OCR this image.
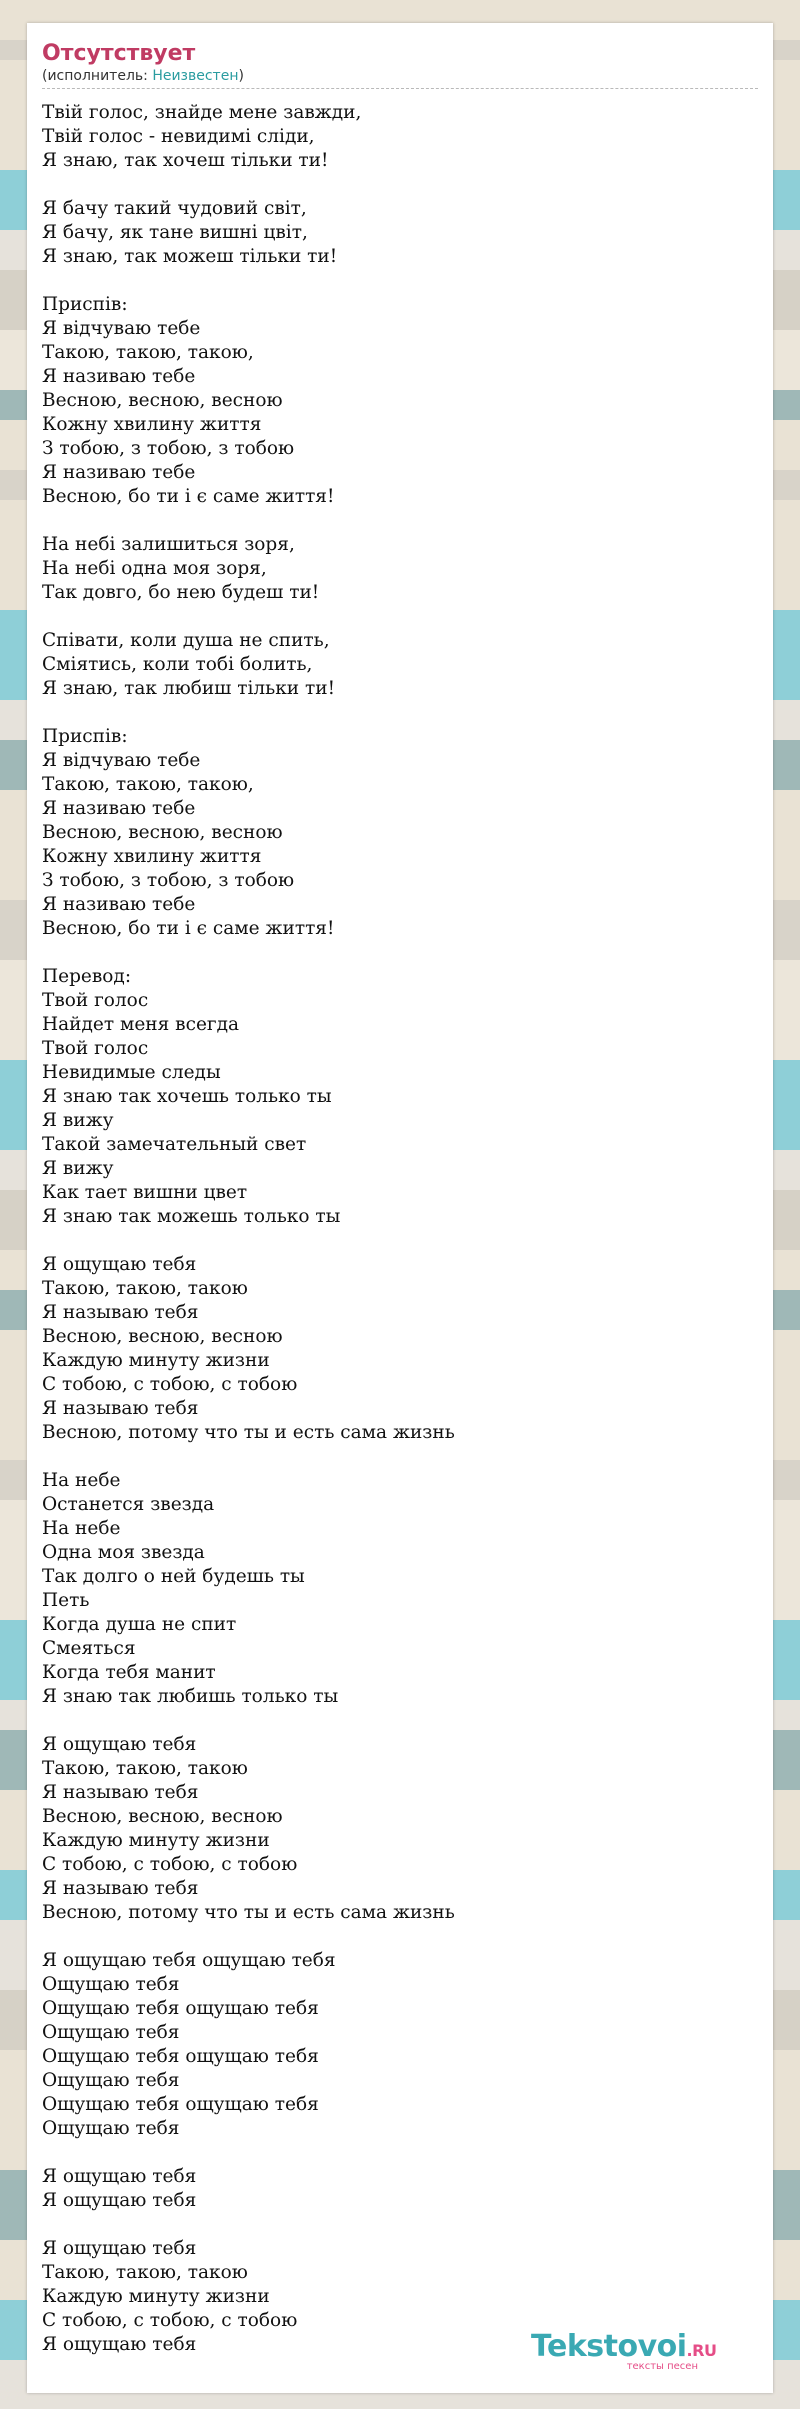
Отсутствует
(исполнитель: Неизвестен)
Твій голос, знайде мене завжди,
Твій голос - невидимі сліди,
Я знаю, так хочеш тільки ти!
Я бачу такий чудовий світ,
Я бачу, як тане вишні цвіт,
Я знаю, так можеш тільки ти!
Приспів:
Я відчуваю тебе
Такою, такою, такою,
Я називаю тебе
Весною, весною, весною
Кожну хвилину життя
З тобою, з тобою, з тобою
Я називаю тебе
Весною, бо ти і є саме життя!
На небі залишиться зоря,
На небі одна моя зоря,
Так довго, бо нею будеш ти!
Співати, коли душа не спить,
Сміятись, коли тобі болить,
Я знаю, так любиш тільки ти!
Приспів:
Я відчуваю тебе
Такою, такою, такою,
Я називаю тебе
Весною, весною, весною
Кожну хвилину життя
З тобою, з тобою, з тобою
Я називаю тебе
Весною, бо ти і є саме життя!
Перевод:
Твой голос
Найдет меня всегда
Твой голос
Невидимые следы
Я знаю так хочешь только ты
Я вижу
Такой замечательный свет
Я вижу
Как тает вишни цвет
Я знаю так можешь только ты
Я ощущаю тебя
Такою, такою, такою
Я называю тебя
Весною, весною, весною
Каждую минуту жизни
С тобою, с тобою, с тобою
Я называю тебя
Весною, потому что ты и есть сама жизнь
На небе
Останется звезда
На небе
Одна моя звезда
Так долго о ней будешь ты
Петь
Когда душа не спит
Смеяться
Когда тебя манит
Я знаю так любишь только ты
Я ощущаю тебя
Такою, такою, такою
Я называю тебя
Весною, весною, весною
Каждую минуту жизни
С тобою, с тобою, с тобою
Я называю тебя
Весною, потому что ты и есть сама жизнь
Я ощущаю тебя ощущаю тебя
Ощущаю тебя
Ощущаю тебя ощущаю тебя
Ощущаю тебя
Ощущаю тебя ощущаю тебя
Ощущаю тебя
Ощущаю тебя ощущаю тебя
Ощущаю тебя
Я ощущаю тебя
Я ощущаю тебя
Я ощущаю тебя
Такою, такою, такою
Каждую минуту жизни
С тобою, с тобою, с тобою
Я ощущаю тебя	Tekstovoi.RU
тексты песен
